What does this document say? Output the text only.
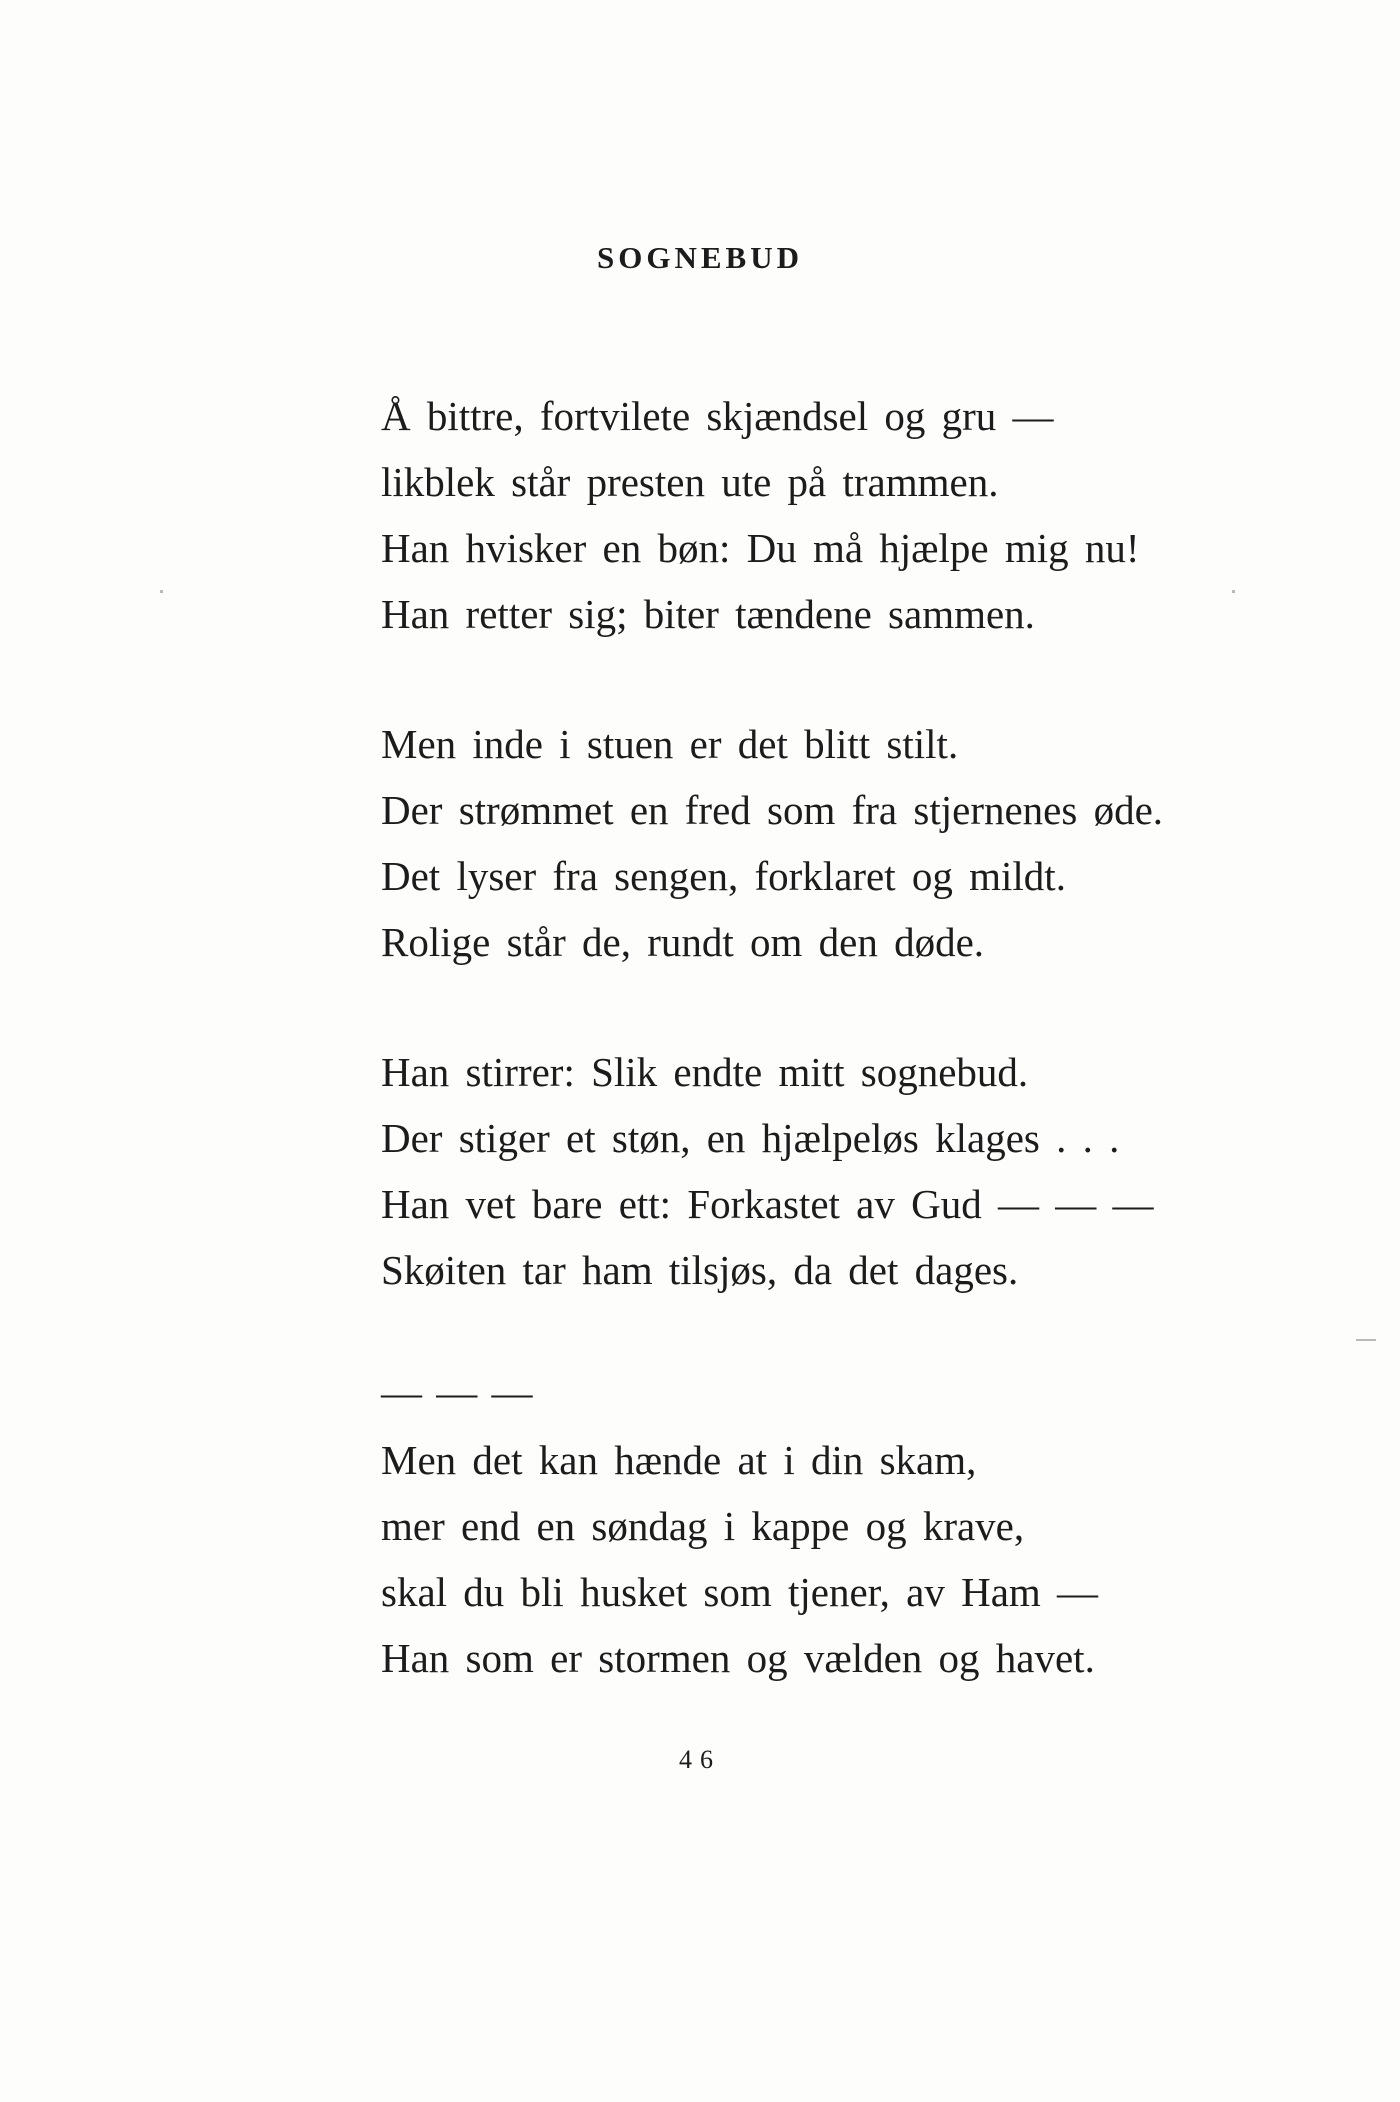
SOGNEBUD
Å bittre, fortvilete skjændsel og gru —
likblek står presten ute på trammen.
Han hvisker en bøn: Du må hjælpe mig nu!
Han retter sig; biter tændene sammen.
Men inde i stuen er det blitt stilt.
Der strømmet en fred som fra stjernenes øde.
Det lyser fra sengen, forklaret og mildt.
Rolige står de, rundt om den døde.
Han stirrer: Slik endte mitt sognebud.
Der stiger et støn, en hjælpeløs klages . . .
Han vet bare ett: Forkastet av Gud — — —
Skøiten tar ham tilsjøs, da det dages.
— — —
Men det kan hænde at i din skam,
mer end en søndag i kappe og krave,
skal du bli husket som tjener, av Ham —
Han som er stormen og vælden og havet.

46
